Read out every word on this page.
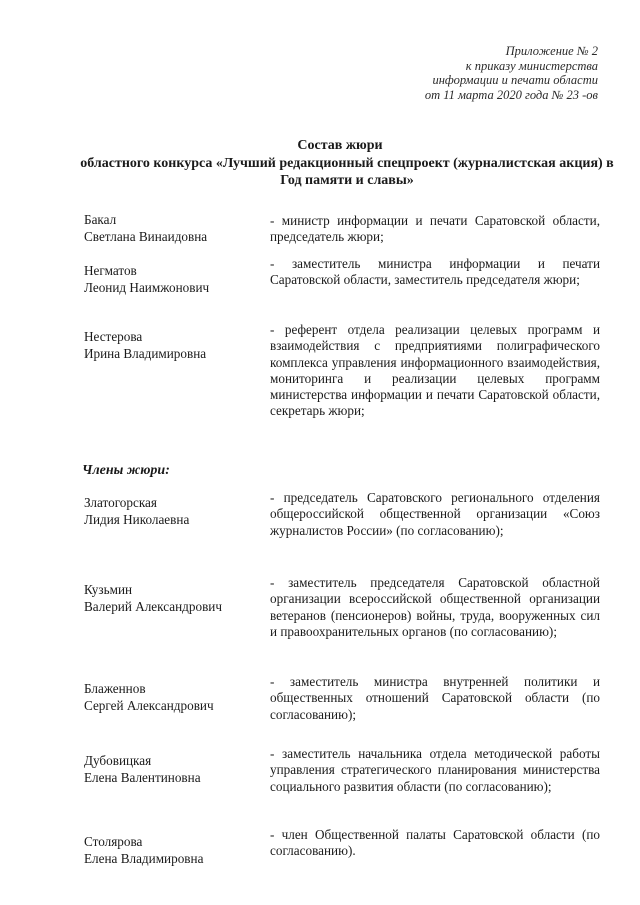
Приложение № 2
к приказу министерства
информации и печати области
от 11 марта 2020 года № 23 -ов
Состав жюри
областного конкурса «Лучший редакционный спецпроект (журналистская акция) в Год памяти и славы»
Бакал
Светлана Винаидовна
- министр информации и печати Саратовской области, председатель жюри;
Негматов
Леонид Наимжонович
- заместитель министра информации и печати Саратовской области, заместитель председателя жюри;
Нестерова
Ирина Владимировна
- референт отдела реализации целевых программ и взаимодействия с предприятиями полиграфического комплекса управления информационного взаимодействия, мониторинга и реализации целевых программ министерства информации и печати Саратовской области, секретарь жюри;
Члены жюри:
Златогорская
Лидия Николаевна
- председатель Саратовского регионального отделения общероссийской общественной организации «Союз журналистов России» (по согласованию);
Кузьмин
Валерий Александрович
- заместитель председателя Саратовской областной организации всероссийской общественной организации ветеранов (пенсионеров) войны, труда, вооруженных сил и правоохранительных органов (по согласованию);
Блаженнов
Сергей Александрович
- заместитель министра внутренней политики и общественных отношений Саратовской области (по согласованию);
Дубовицкая
Елена Валентиновна
- заместитель начальника отдела методической работы управления стратегического планирования министерства социального развития области (по согласованию);
Столярова
Елена Владимировна
- член Общественной палаты Саратовской области (по согласованию).
